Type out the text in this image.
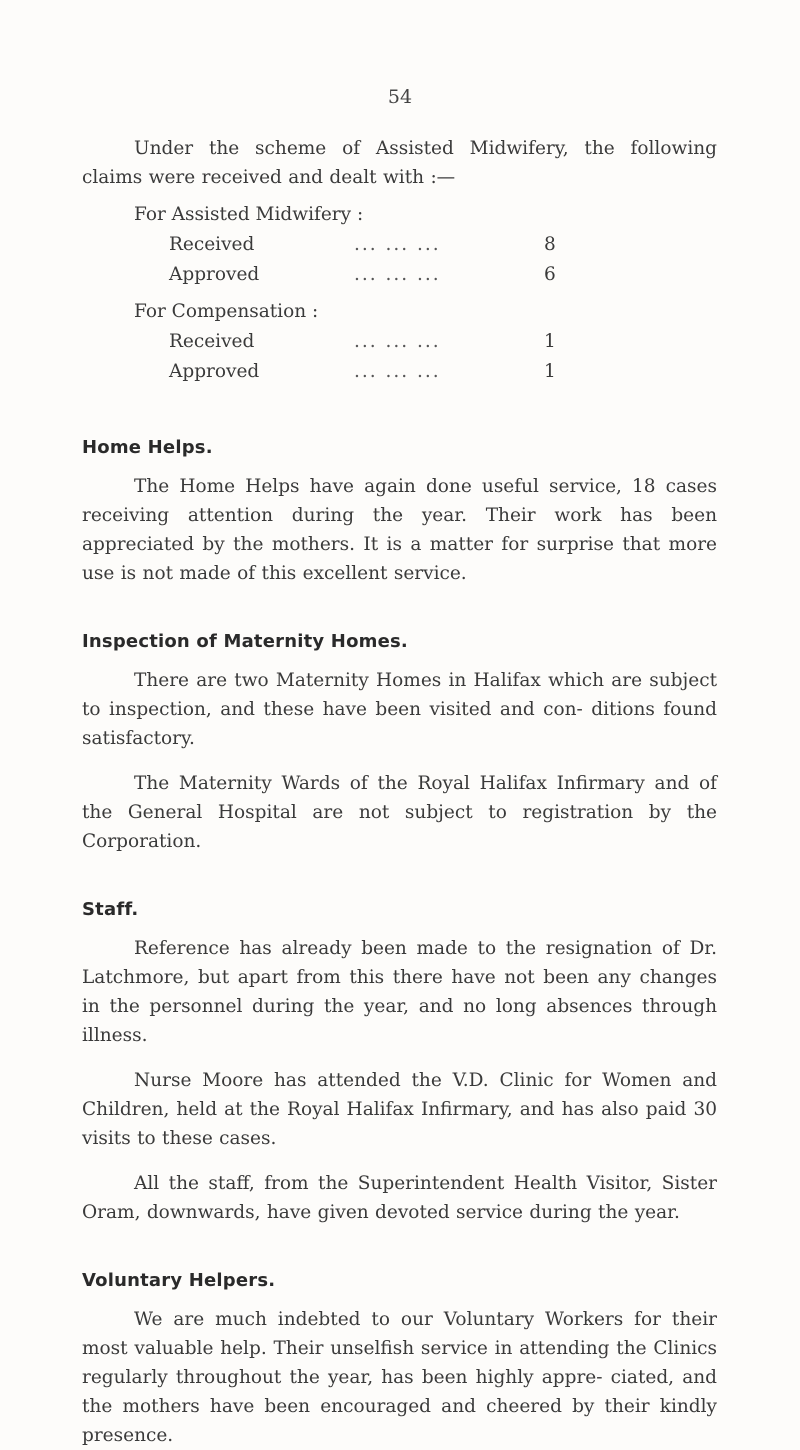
54

Under the scheme of Assisted Midwifery, the following claims were received and dealt with :—

For Assisted Midwifery :
Received	... ... ...	8
Approved	... ... ...	6
For Compensation :
Received	... ... ...	1
Approved	... ... ...	1
Home Helps.

The Home Helps have again done useful service, 18 cases receiving attention during the year. Their work has been appreciated by the mothers. It is a matter for surprise that more use is not made of this excellent service.

Inspection of Maternity Homes.

There are two Maternity Homes in Halifax which are subject to inspection, and these have been visited and con- ditions found satisfactory.

The Maternity Wards of the Royal Halifax Infirmary and of the General Hospital are not subject to registration by the Corporation.

Staff.

Reference has already been made to the resignation of Dr. Latchmore, but apart from this there have not been any changes in the personnel during the year, and no long absences through illness.

Nurse Moore has attended the V.D. Clinic for Women and Children, held at the Royal Halifax Infirmary, and has also paid 30 visits to these cases.

All the staff, from the Superintendent Health Visitor, Sister Oram, downwards, have given devoted service during the year.

Voluntary Helpers.

We are much indebted to our Voluntary Workers for their most valuable help. Their unselfish service in attending the Clinics regularly throughout the year, has been highly appre- ciated, and the mothers have been encouraged and cheered by their kindly presence.
